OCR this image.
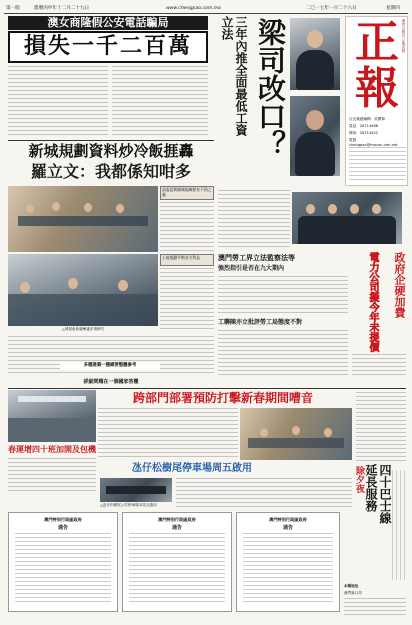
第一版	農曆丙申年十二月二十九日	www.chengpao.com.mo	二〇一七年一月二十六日	星期四
澳女商隆假公安電話騙局
損失一千二百萬	三年內推全面最低工資立法 梁司改口？ 正
報
澳門日報社·正報出版
社長兼總編輯：高開賢
電話：28714488
傳真：28714422
電郵：chengpao@macau.ctm.net
新城規劃資料炒冷飯捱轟
羅立文：我都係知咁多
諮委認實踐城規綱要有不到之處
△城規會會議參議多項研究
土地規劃平衡各方利益
多種建築一種總要整體參考
詳細問題在一個國家答覆
澳門勞工界立法監察法等
強烈指引是否在九大期內
工聯陳亦立批評勞工局態度不對	電力公司擬今年未提價	政府企硬加費
跨部門部署預防打擊新春期間嘈音
春運增四十班加開及包機
氹仔松樹尾停車場周五啟用
△氹仔松樹尾公共停車場本周五啟用	四十巴士線延長服務
除夕夜
澳門特別行政區政府
通告
澳門特別行政區政府
通告
澳門特別行政區政府
通告
本報地址
澳門新口岸
